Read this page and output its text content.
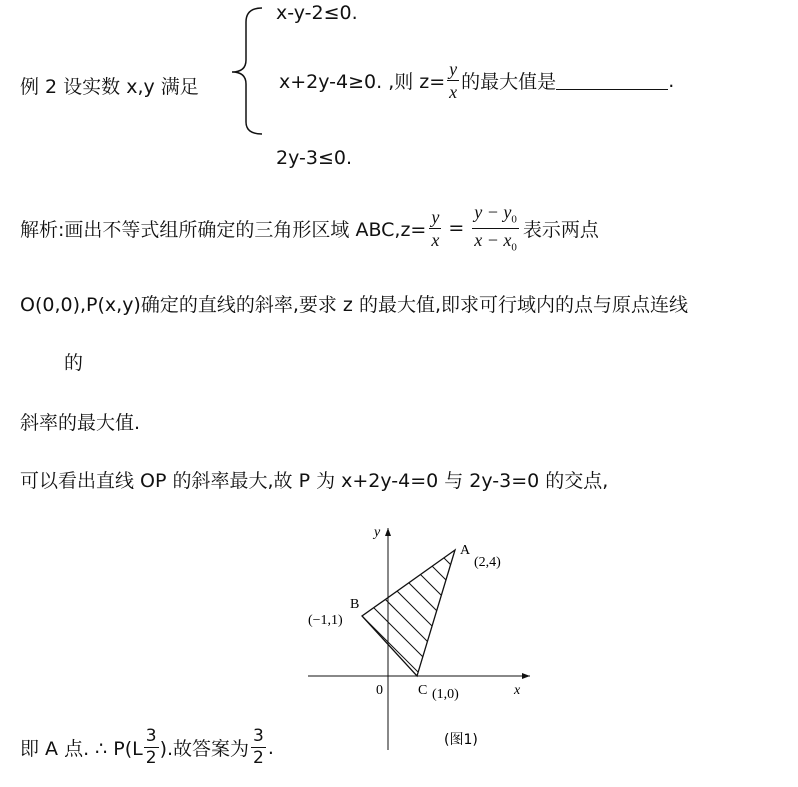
例 2 设实数 x,y 满足
x-y-2≤0.
x+2y-4≥0. ,则 $z= \frac{y}{x}$ 的最大值是	.
2y-3≤0.
解析:画出不等式组所确定的三角形区域 $ABC,z= \frac{y}{x} = \frac{y - y_0}{x - x_0}$ 表示两点
O(0,0),P(x,y)确定的直线的斜率,要求 z 的最大值,即求可行域内的点与原点连线
的
斜率的最大值.
可以看出直线 OP 的斜率最大,故 P 为 x+2y-4=0 与 2y-3=0 的交点,
y
x
0
A
(2,4)
B
(−1,1)
C (1,0)
(图1)
即 A 点. ∴ $P(L \frac{3}{2}$ ).故答案为 $\frac{3}{2}$ .
